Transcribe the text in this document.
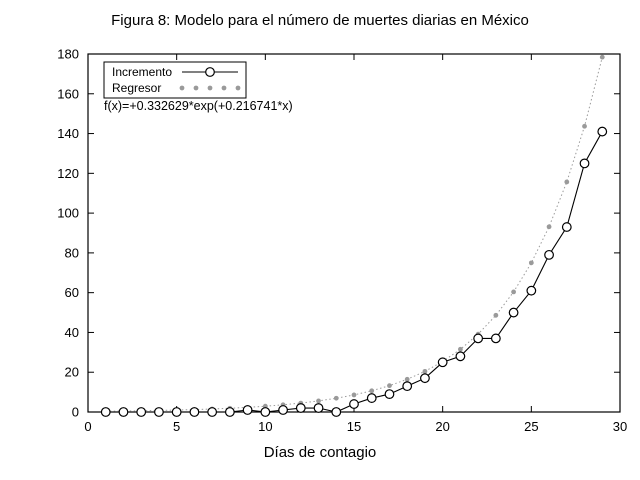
Figura 8: Modelo para el número de muertes diarias en México
Días de contagio
0	5	10	15	20	25	30
0
20
40
60
80
100
120
140
160
180
Incremento
Regresor
f(x)=+0.332629*exp(+0.216741*x)
